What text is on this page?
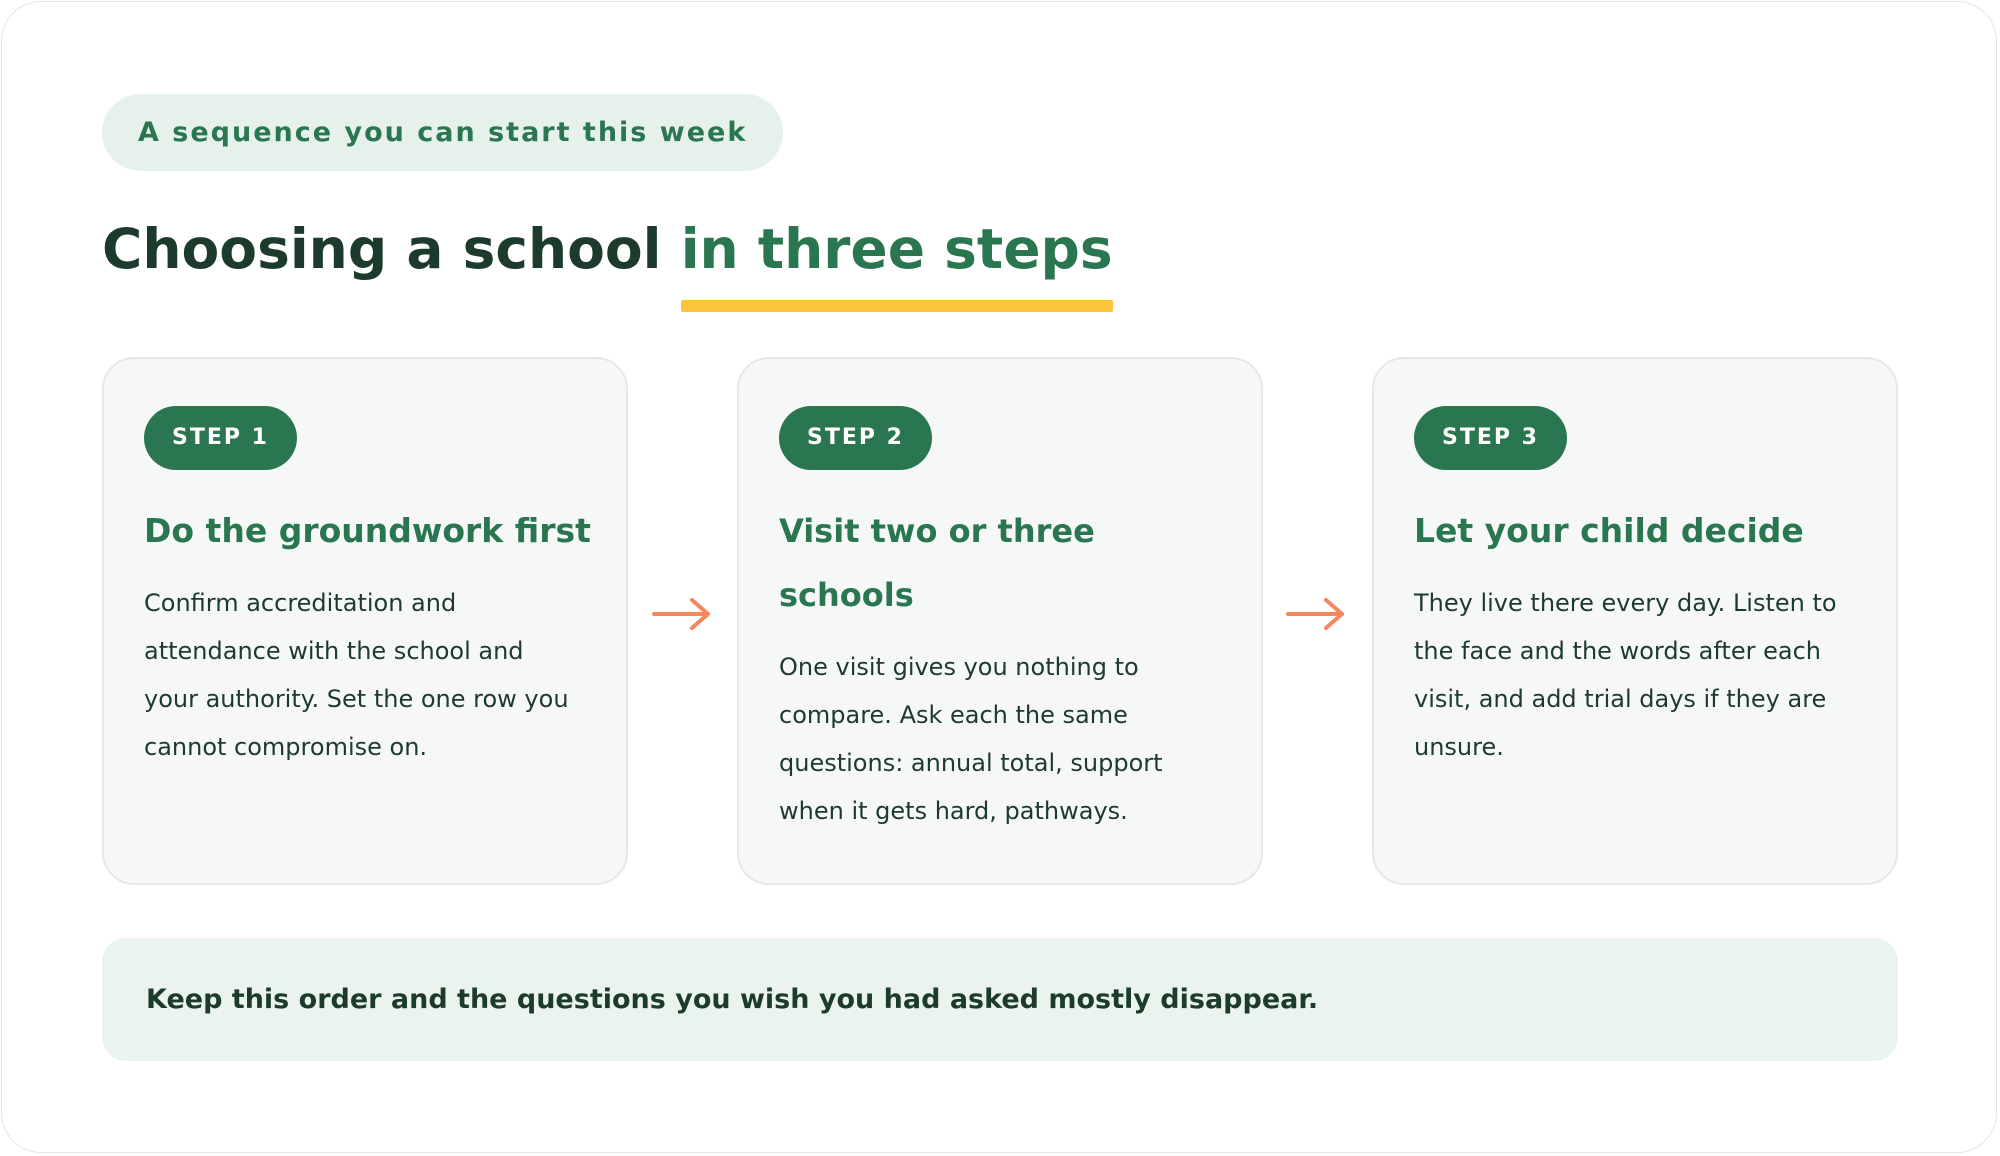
A sequence you can start this week
Choosing a school in three steps
STEP 1
Do the groundwork first

Confirm accreditation and attendance with the school and your authority. Set the one row you cannot compromise on.

STEP 2
Visit two or three schools

One visit gives you nothing to compare. Ask each the same questions: annual total, support when it gets hard, pathways.

STEP 3
Let your child decide

They live there every day. Listen to the face and the words after each visit, and add trial days if they are unsure.

Keep this order and the questions you wish you had asked mostly disappear.
